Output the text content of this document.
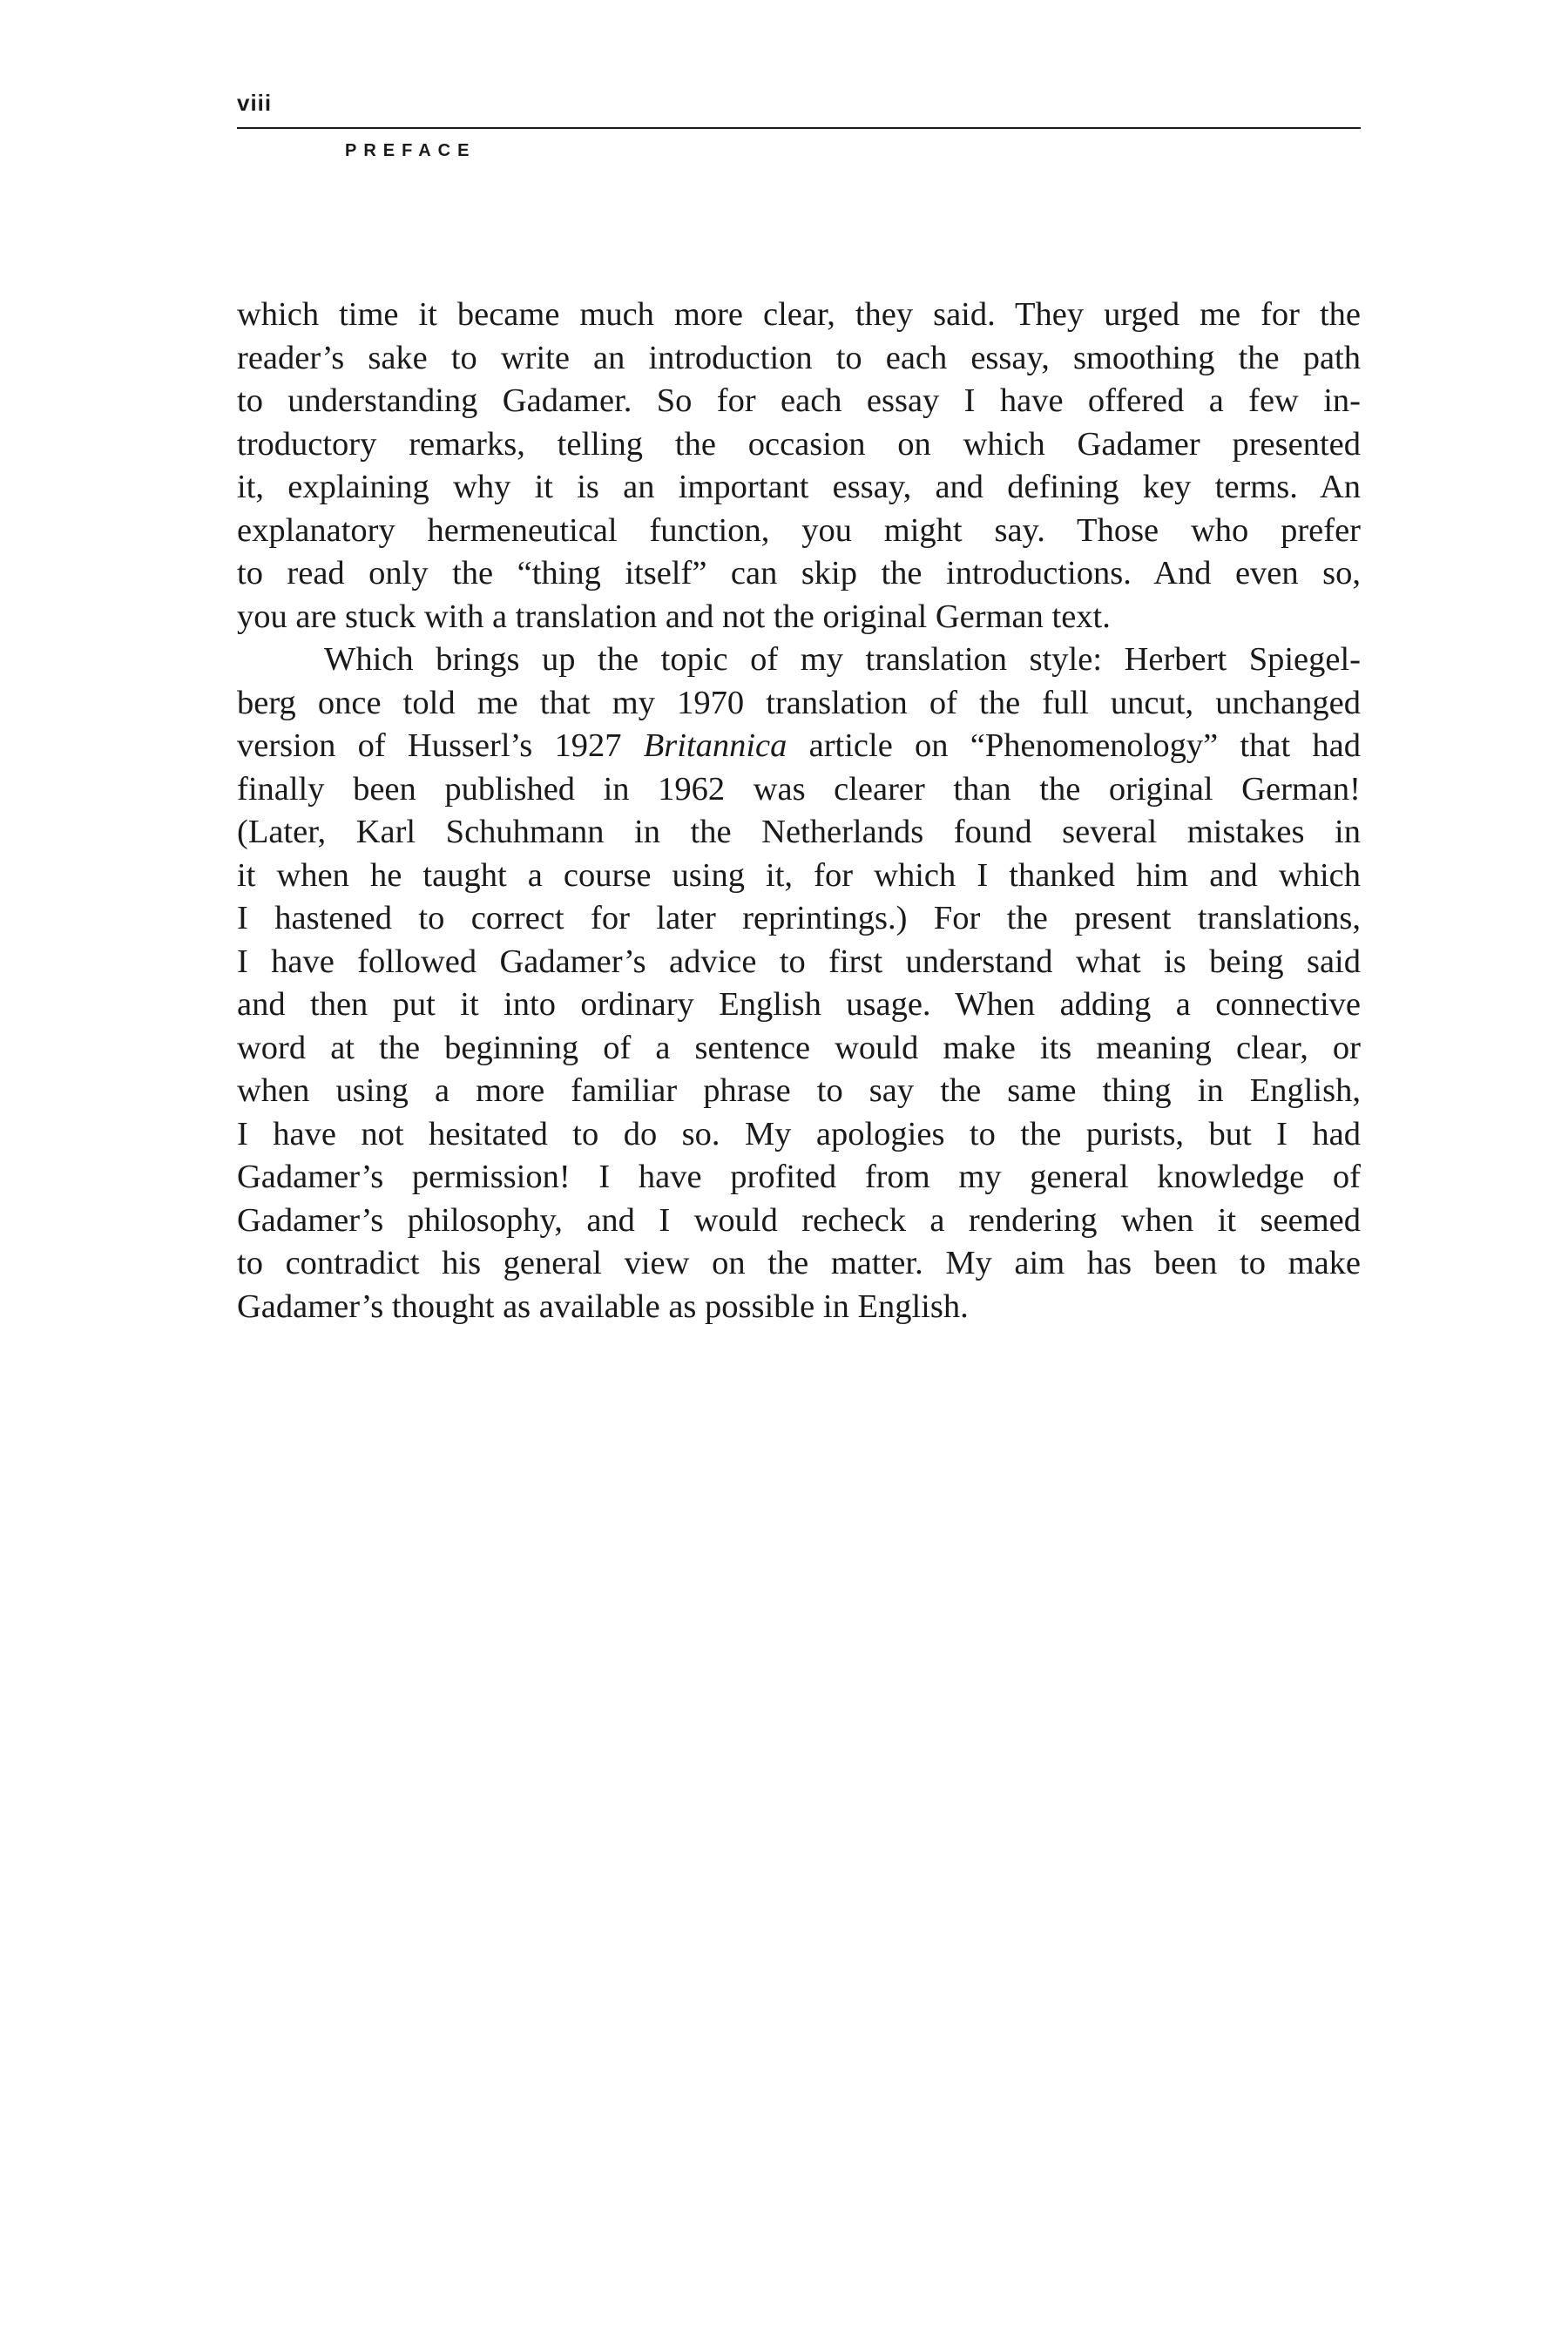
viii
PREFACE

which time it became much more clear, they said. They urged me for the
reader’s sake to write an introduction to each essay, smoothing the path
to understanding Gadamer. So for each essay I have offered a few in-
troductory remarks, telling the occasion on which Gadamer presented
it, explaining why it is an important essay, and defining key terms. An
explanatory hermeneutical function, you might say. Those who prefer
to read only the “thing itself” can skip the introductions. And even so,
you are stuck with a translation and not the original German text.

Which brings up the topic of my translation style: Herbert Spiegel-
berg once told me that my 1970 translation of the full uncut, unchanged
version of Husserl’s 1927 Britannica article on “Phenomenology” that had
finally been published in 1962 was clearer than the original German!
(Later, Karl Schuhmann in the Netherlands found several mistakes in
it when he taught a course using it, for which I thanked him and which
I hastened to correct for later reprintings.) For the present translations,
I have followed Gadamer’s advice to first understand what is being said
and then put it into ordinary English usage. When adding a connective
word at the beginning of a sentence would make its meaning clear, or
when using a more familiar phrase to say the same thing in English,
I have not hesitated to do so. My apologies to the purists, but I had
Gadamer’s permission! I have profited from my general knowledge of
Gadamer’s philosophy, and I would recheck a rendering when it seemed
to contradict his general view on the matter. My aim has been to make
Gadamer’s thought as available as possible in English.
